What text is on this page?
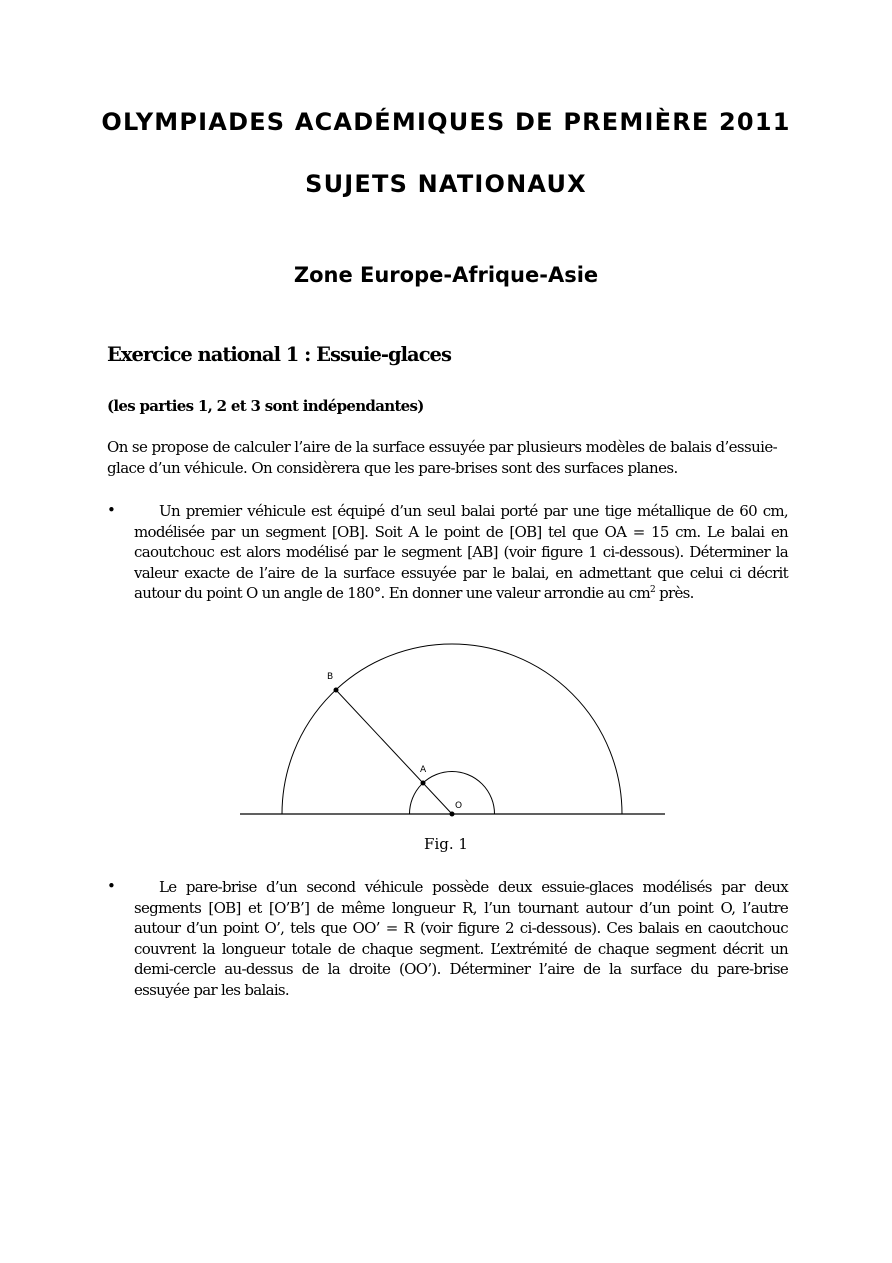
OLYMPIADES ACADÉMIQUES DE PREMIÈRE 2011
SUJETS NATIONAUX
Zone Europe-Afrique-Asie
Exercice national 1 : Essuie-glaces

(les parties 1, 2 et 3 sont indépendantes)

On se propose de calculer l’aire de la surface essuyée par plusieurs modèles de balais d’essuie-glace d’un véhicule. On considèrera que les pare-brises sont des surfaces planes.

•	Un premier véhicule est équipé d’un seul balai porté par une tige métallique de 60 cm, modélisée par un segment [OB]. Soit A le point de [OB] tel que OA = 15 cm. Le balai en caoutchouc est alors modélisé par le segment [AB] (voir figure 1 ci-dessous). Déterminer la valeur exacte de l’aire de la surface essuyée par le balai, en admettant que celui ci décrit autour du point O un angle de 180°. En donner une valeur arrondie au $cm^2$ près.

B
A
O

Fig. 1

•	Le pare-brise d’un second véhicule possède deux essuie-glaces modélisés par deux segments [OB] et [O’B’] de même longueur R, l’un tournant autour d’un point O, l’autre autour d’un point O’, tels que OO’ = R (voir figure 2 ci-dessous). Ces balais en caoutchouc couvrent la longueur totale de chaque segment. L’extrémité de chaque segment décrit un demi-cercle au-dessus de la droite (OO’). Déterminer l’aire de la surface du pare-brise essuyée par les balais.
